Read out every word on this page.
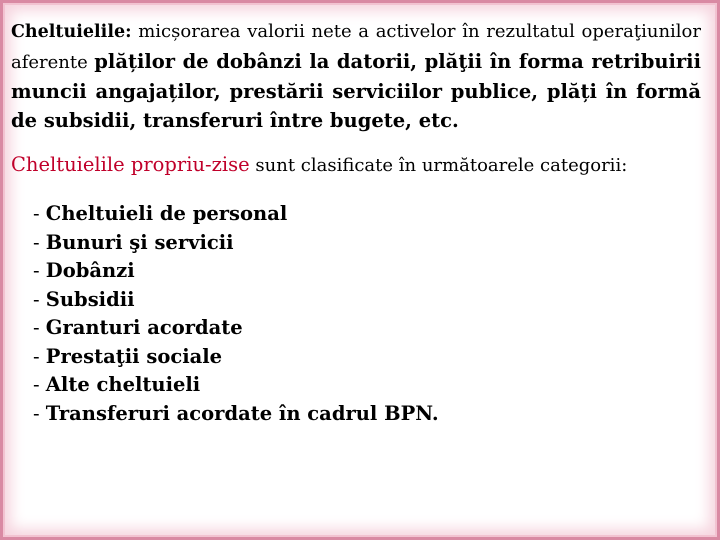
Cheltuielile: micșorarea valorii nete a activelor în rezultatul operaţiunilor aferente plăților de dobânzi la datorii, plăţii în forma retribuirii muncii angajaților, prestării serviciilor publice, plăți în formă de subsidii, transferuri între bugete, etc.

Cheltuielile propriu-zise sunt clasificate în următoarele categorii:

- Cheltuieli de personal
- Bunuri şi servicii
- Dobânzi
- Subsidii
- Granturi acordate
- Prestaţii sociale
- Alte cheltuieli
- Transferuri acordate în cadrul BPN.
